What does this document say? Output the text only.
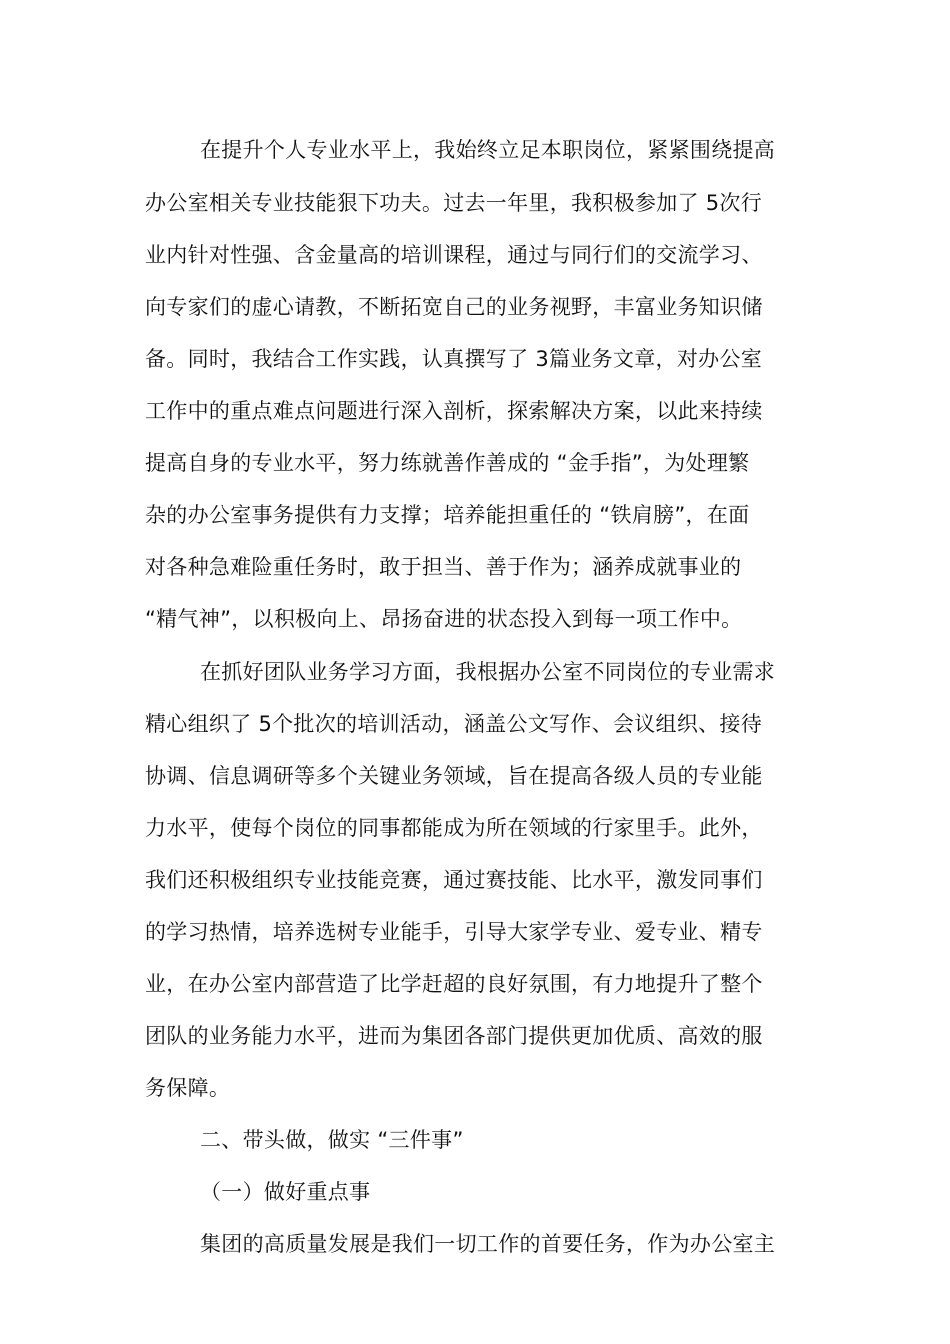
在提升个人专业水平上，我始终立足本职岗位，紧紧围绕提高
办公室相关专业技能狠下功夫。过去一年里，我积极参加了 5次行
业内针对性强、含金量高的培训课程，通过与同行们的交流学习、
向专家们的虚心请教，不断拓宽自己的业务视野，丰富业务知识储
备。同时，我结合工作实践，认真撰写了 3篇业务文章，对办公室
工作中的重点难点问题进行深入剖析，探索解决方案，以此来持续
提高自身的专业水平，努力练就善作善成的 “金手指”，为处理繁
杂的办公室事务提供有力支撑；培养能担重任的 “铁肩膀”，在面
对各种急难险重任务时，敢于担当、善于作为；涵养成就事业的
“精气神”，以积极向上、昂扬奋进的状态投入到每一项工作中。
在抓好团队业务学习方面，我根据办公室不同岗位的专业需求
精心组织了 5个批次的培训活动，涵盖公文写作、会议组织、接待
协调、信息调研等多个关键业务领域，旨在提高各级人员的专业能
力水平，使每个岗位的同事都能成为所在领域的行家里手。此外，
我们还积极组织专业技能竞赛，通过赛技能、比水平，激发同事们
的学习热情，培养选树专业能手，引导大家学专业、爱专业、精专
业，在办公室内部营造了比学赶超的良好氛围，有力地提升了整个
团队的业务能力水平，进而为集团各部门提供更加优质、高效的服
务保障。
二、带头做，做实 “三件事”
（一）做好重点事
集团的高质量发展是我们一切工作的首要任务，作为办公室主
